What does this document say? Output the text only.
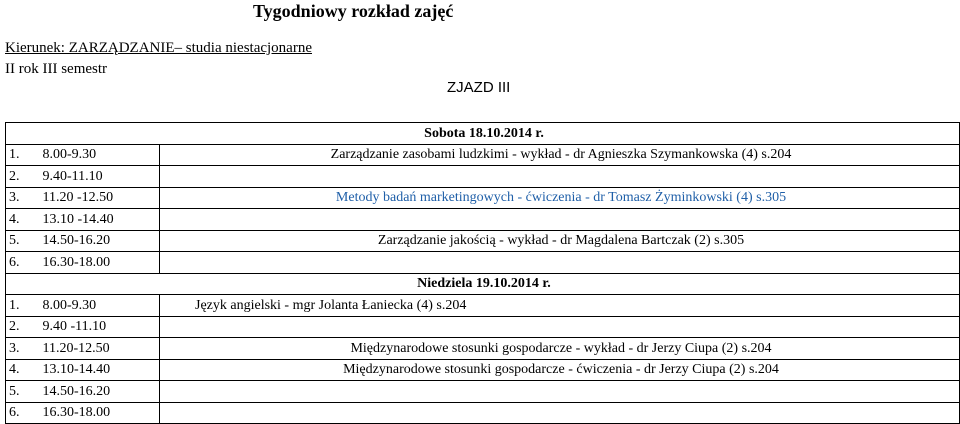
Tygodniowy rozkład zajęć
Kierunek: ZARZĄDZANIE– studia niestacjonarne
II rok III semestr
ZJAZD III
Sobota 18.10.2014 r.		
1.	8.00-9.30	Zarządzanie zasobami ludzkimi - wykład - dr Agnieszka Szymankowska (4) s.204
2.	9.40-11.10	
3.	11.20 -12.50	Metody badań marketingowych - ćwiczenia - dr Tomasz Żyminkowski (4) s.305
4.	13.10 -14.40	
5.	14.50-16.20	Zarządzanie jakością - wykład - dr Magdalena Bartczak (2) s.305
6.	16.30-18.00	
Niedziela 19.10.2014 r.		
1.	8.00-9.30	Język angielski - mgr Jolanta Łaniecka (4) s.204
2.	9.40 -11.10	
3.	11.20-12.50	Międzynarodowe stosunki gospodarcze - wykład - dr Jerzy Ciupa (2) s.204
4.	13.10-14.40	Międzynarodowe stosunki gospodarcze - ćwiczenia - dr Jerzy Ciupa (2) s.204
5.	14.50-16.20	
6.	16.30-18.00	
